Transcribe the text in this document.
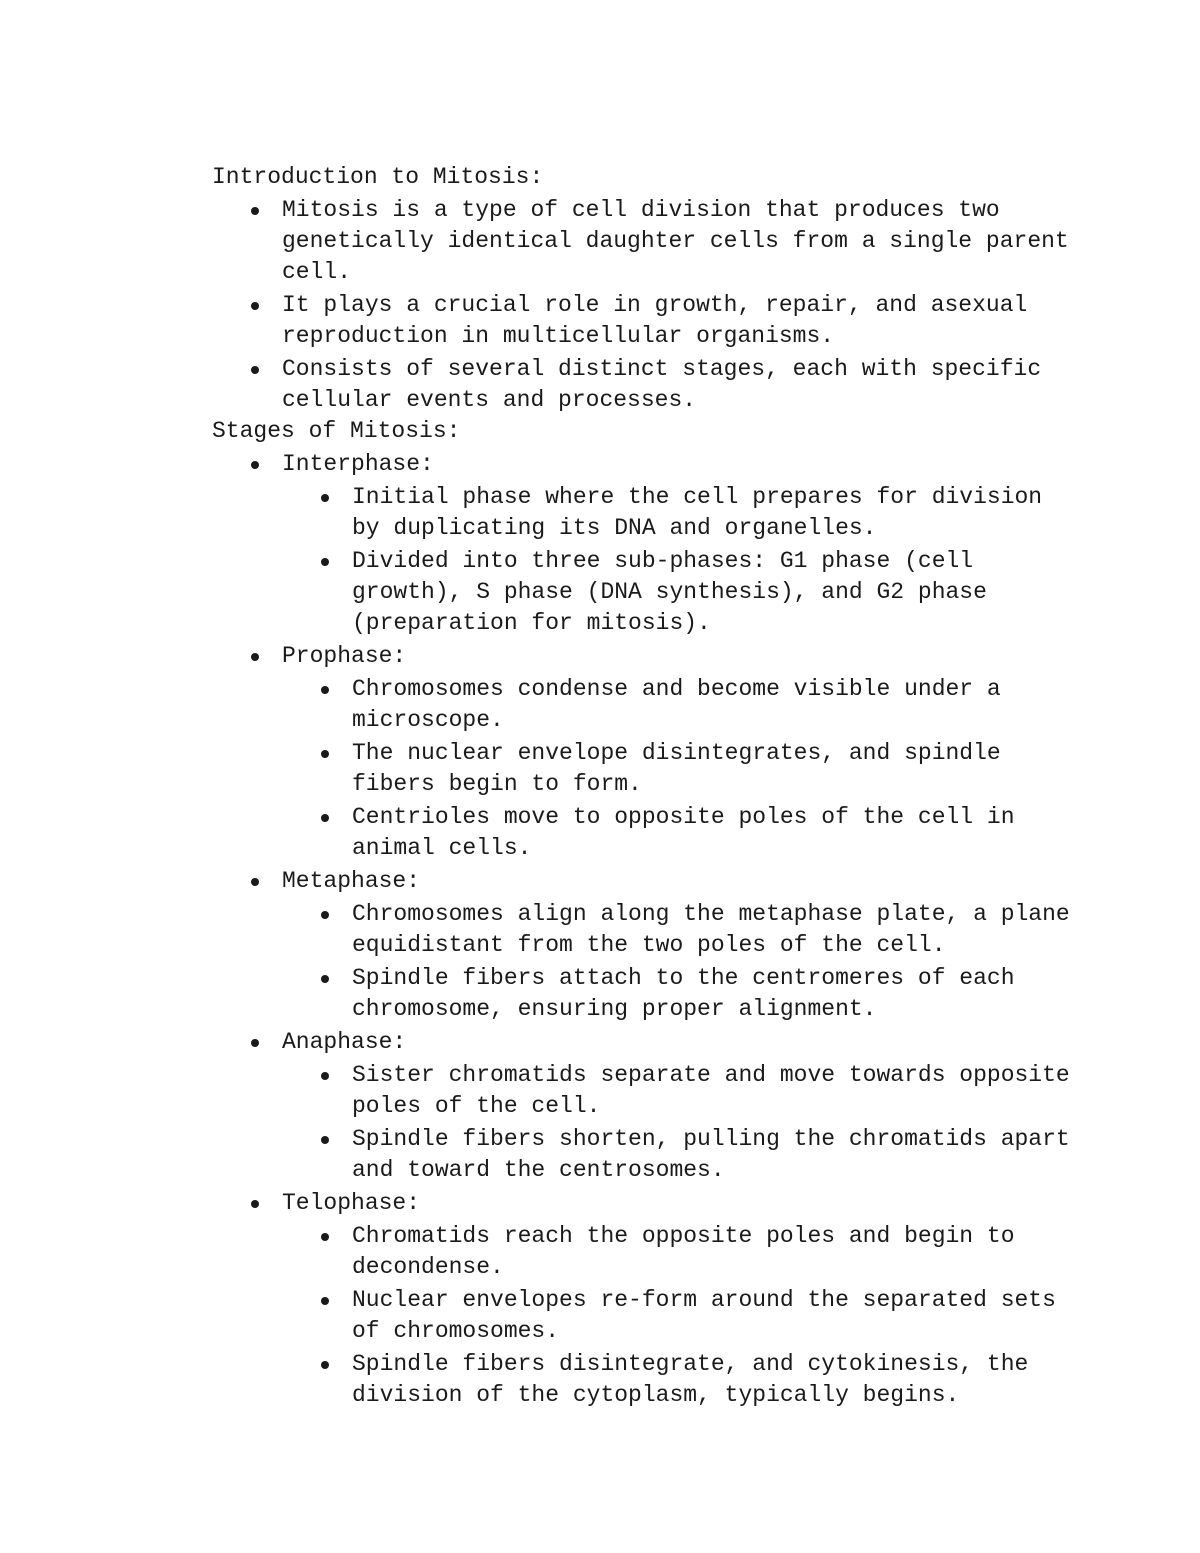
Introduction to Mitosis:

Mitosis is a type of cell division that produces two genetically identical daughter cells from a single parent cell.
It plays a crucial role in growth, repair, and asexual reproduction in multicellular organisms.
Consists of several distinct stages, each with specific cellular events and processes.

Stages of Mitosis:

Interphase:
Initial phase where the cell prepares for division by duplicating its DNA and organelles.
Divided into three sub-phases: G1 phase (cell growth), S phase (DNA synthesis), and G2 phase (preparation for mitosis).
Prophase:
Chromosomes condense and become visible under a microscope.
The nuclear envelope disintegrates, and spindle fibers begin to form.
Centrioles move to opposite poles of the cell in animal cells.
Metaphase:
Chromosomes align along the metaphase plate, a plane equidistant from the two poles of the cell.
Spindle fibers attach to the centromeres of each chromosome, ensuring proper alignment.
Anaphase:
Sister chromatids separate and move towards opposite poles of the cell.
Spindle fibers shorten, pulling the chromatids apart and toward the centrosomes.
Telophase:
Chromatids reach the opposite poles and begin to decondense.
Nuclear envelopes re-form around the separated sets of chromosomes.
Spindle fibers disintegrate, and cytokinesis, the division of the cytoplasm, typically begins.
